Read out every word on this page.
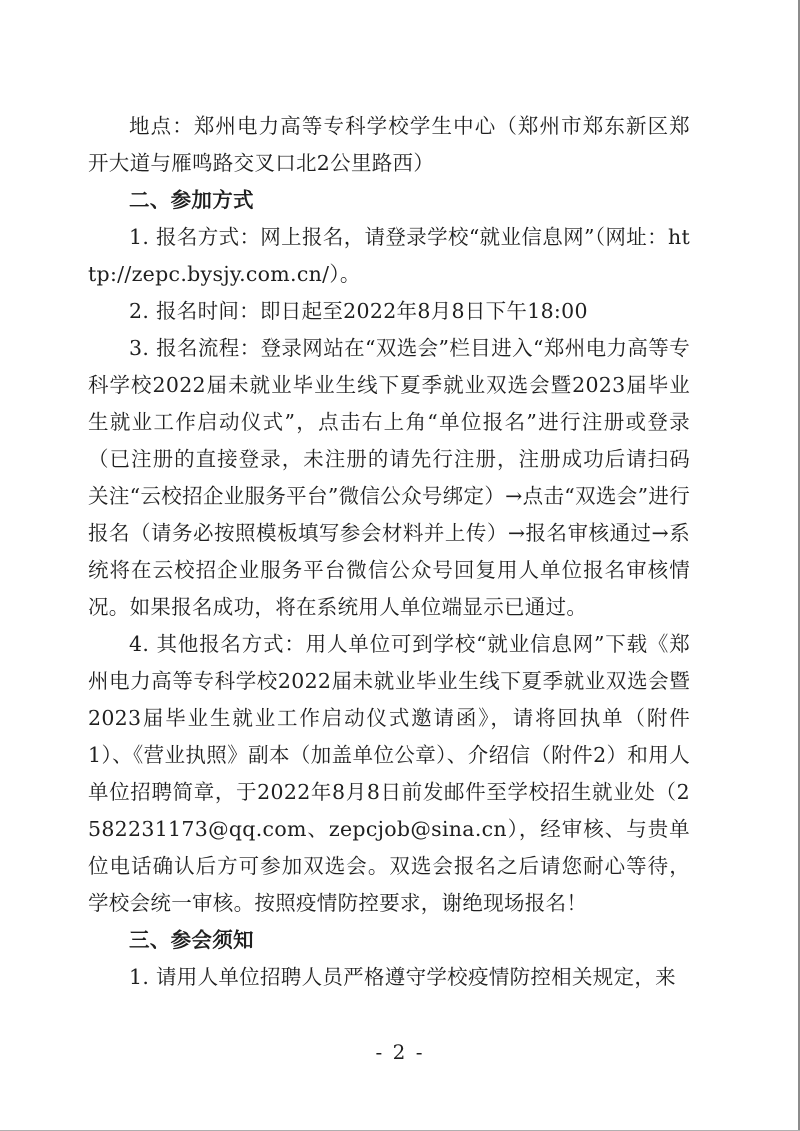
地点：郑州电力高等专科学校学生中心（郑州市郑东新区郑开大道与雁鸣路交叉口北2公里路西）

二、参加方式

1. 报名方式：网上报名，请登录学校“就业信息网”（网址：http://zepc.bysjy.com.cn/）。

2. 报名时间：即日起至2022年8月8日下午18:00

3. 报名流程：登录网站在“双选会”栏目进入“郑州电力高等专科学校2022届未就业毕业生线下夏季就业双选会暨2023届毕业生就业工作启动仪式”，点击右上角“单位报名”进行注册或登录（已注册的直接登录，未注册的请先行注册，注册成功后请扫码关注“云校招企业服务平台”微信公众号绑定）→点击“双选会”进行报名（请务必按照模板填写参会材料并上传）→报名审核通过→系统将在云校招企业服务平台微信公众号回复用人单位报名审核情况。如果报名成功，将在系统用人单位端显示已通过。

4. 其他报名方式：用人单位可到学校“就业信息网”下载《郑州电力高等专科学校2022届未就业毕业生线下夏季就业双选会暨2023届毕业生就业工作启动仪式邀请函》，请将回执单（附件1）、《营业执照》副本（加盖单位公章）、介绍信（附件2）和用人单位招聘简章，于2022年8月8日前发邮件至学校招生就业处（2582231173@qq.com、zepcjob@sina.cn），经审核、与贵单位电话确认后方可参加双选会。双选会报名之后请您耐心等待，学校会统一审核。按照疫情防控要求，谢绝现场报名！

三、参会须知

1. 请用人单位招聘人员严格遵守学校疫情防控相关规定，来

- 2 -
